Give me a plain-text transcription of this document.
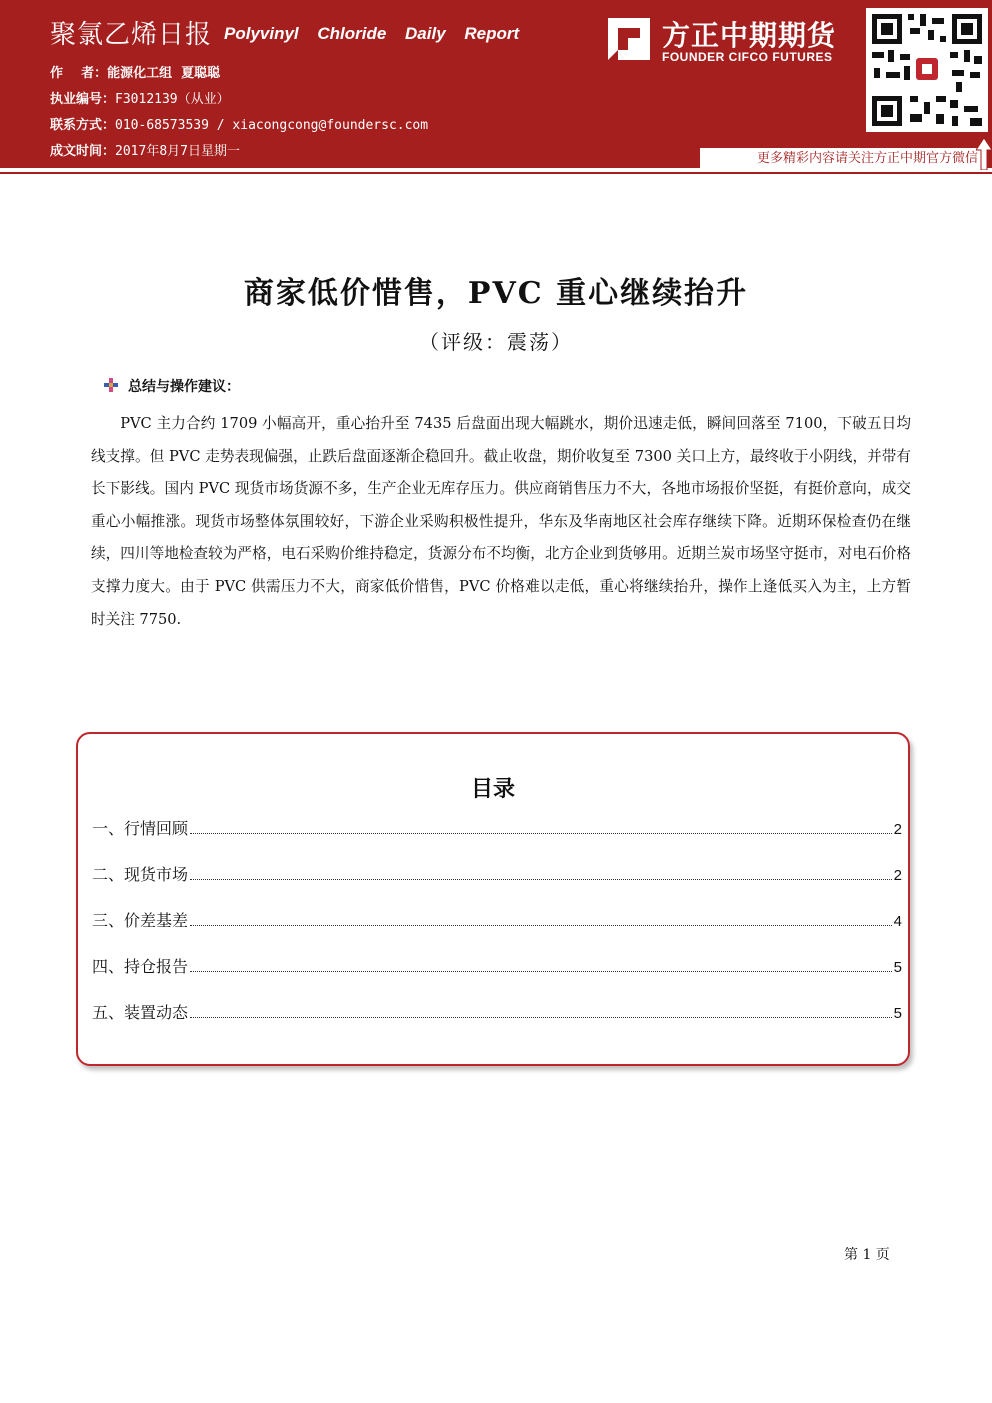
聚氯乙烯日报 Polyvinyl Chloride Daily Report
作    者：能源化工组  夏聪聪
执业编号：F3012139（从业）
联系方式：010-68573539 / xiacongcong@foundersc.com
成文时间：2017年8月7日星期一
方正中期期货
FOUNDER CIFCO FUTURES
更多精彩内容请关注方正中期官方微信
商家低价惜售，PVC 重心继续抬升
（评级：震荡）
总结与操作建议：
PVC 主力合约 1709 小幅高开，重心抬升至 7435 后盘面出现大幅跳水，期价迅速走低，瞬间回落至 7100，下破五日均线支撑。但 PVC 走势表现偏强，止跌后盘面逐渐企稳回升。截止收盘，期价收复至 7300 关口上方，最终收于小阴线，并带有长下影线。国内 PVC 现货市场货源不多，生产企业无库存压力。供应商销售压力不大，各地市场报价坚挺，有挺价意向，成交重心小幅推涨。现货市场整体氛围较好，下游企业采购积极性提升，华东及华南地区社会库存继续下降。近期环保检查仍在继续，四川等地检查较为严格，电石采购价维持稳定，货源分布不均衡，北方企业到货够用。近期兰炭市场坚守挺市，对电石价格支撑力度大。由于 PVC 供需压力不大，商家低价惜售，PVC 价格难以走低，重心将继续抬升，操作上逢低买入为主，上方暂时关注 7750.
目录
一、行情回顾	2
二、现货市场	2
三、价差基差	4
四、持仓报告	5
五、装置动态	5
第 1 页
